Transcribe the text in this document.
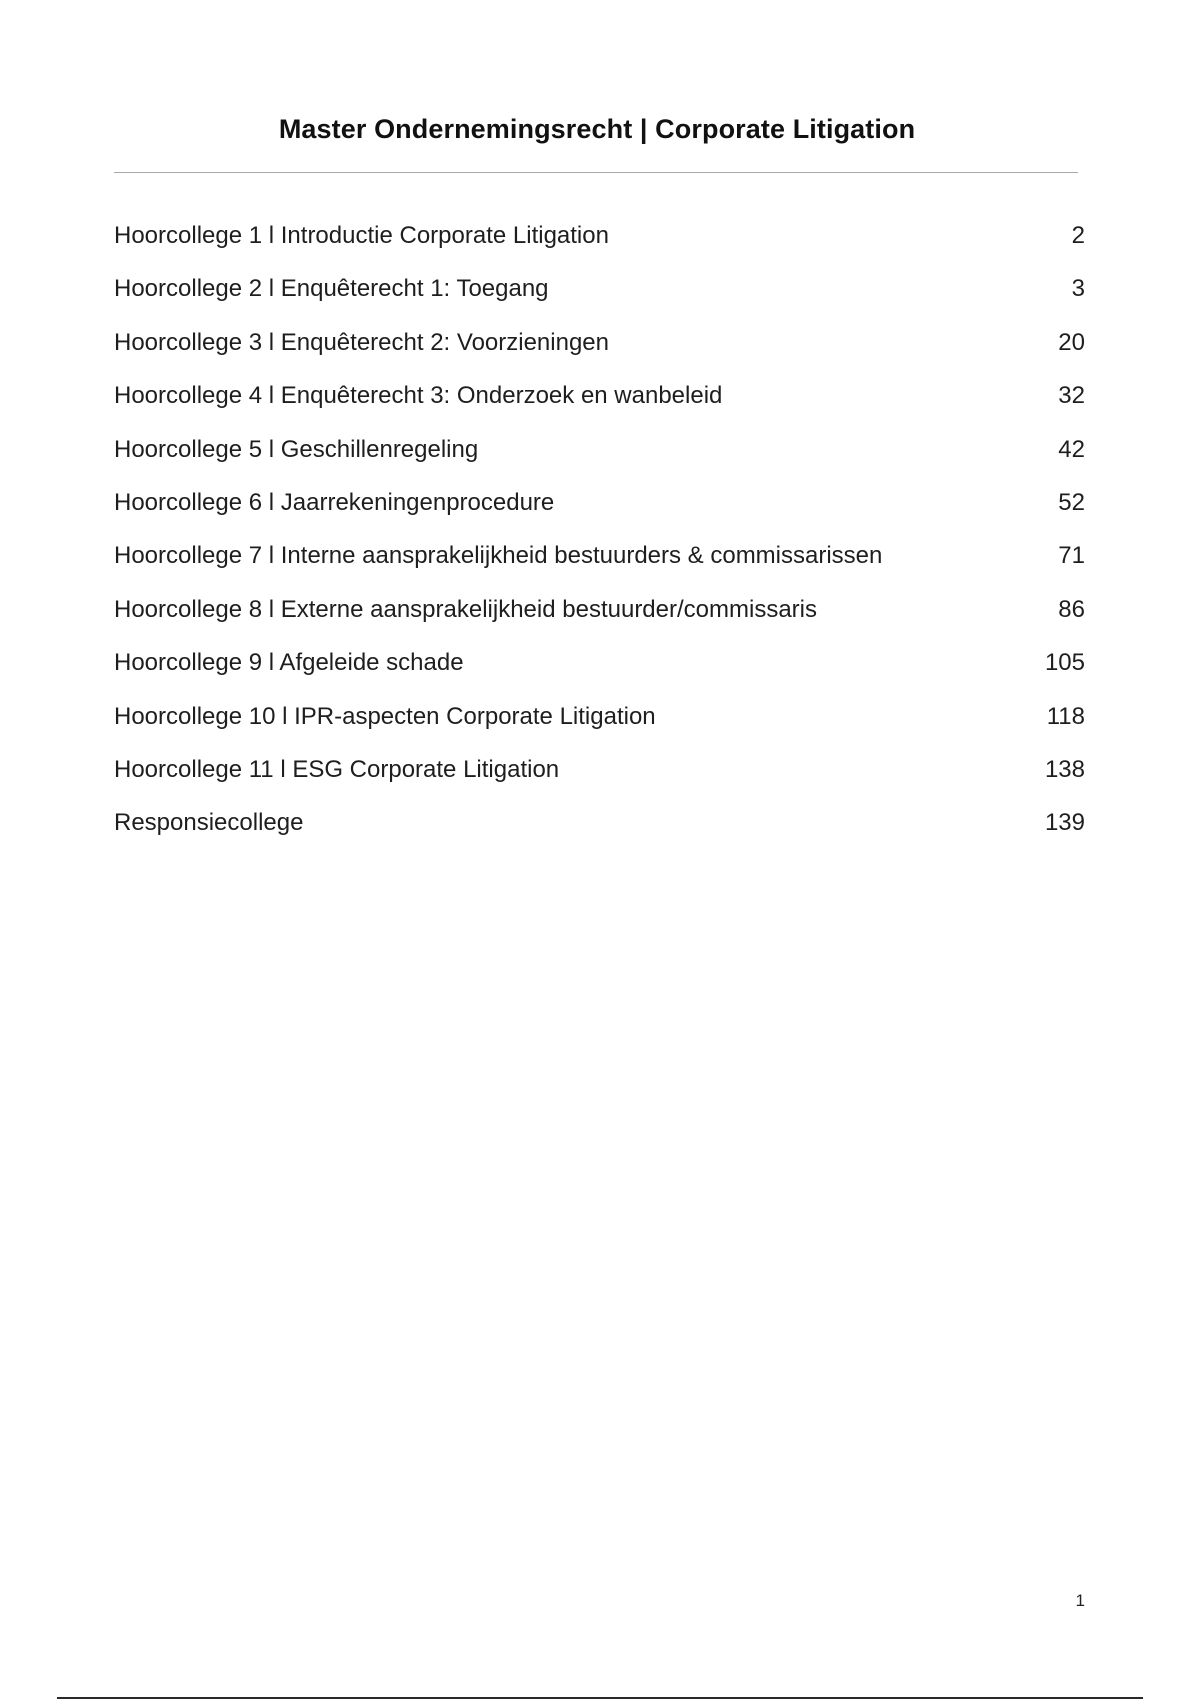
Master Ondernemingsrecht | Corporate Litigation
Hoorcollege 1 l Introductie Corporate Litigation	2
Hoorcollege 2 l Enquêterecht 1: Toegang	3
Hoorcollege 3 l Enquêterecht 2: Voorzieningen	20
Hoorcollege 4 l Enquêterecht 3: Onderzoek en wanbeleid	32
Hoorcollege 5 l Geschillenregeling	42
Hoorcollege 6 l Jaarrekeningenprocedure	52
Hoorcollege 7 l Interne aansprakelijkheid bestuurders & commissarissen	71
Hoorcollege 8 l Externe aansprakelijkheid bestuurder/commissaris	86
Hoorcollege 9 l Afgeleide schade	105
Hoorcollege 10 l IPR-aspecten Corporate Litigation	118
Hoorcollege 11 l ESG Corporate Litigation	138
Responsiecollege	139
1
